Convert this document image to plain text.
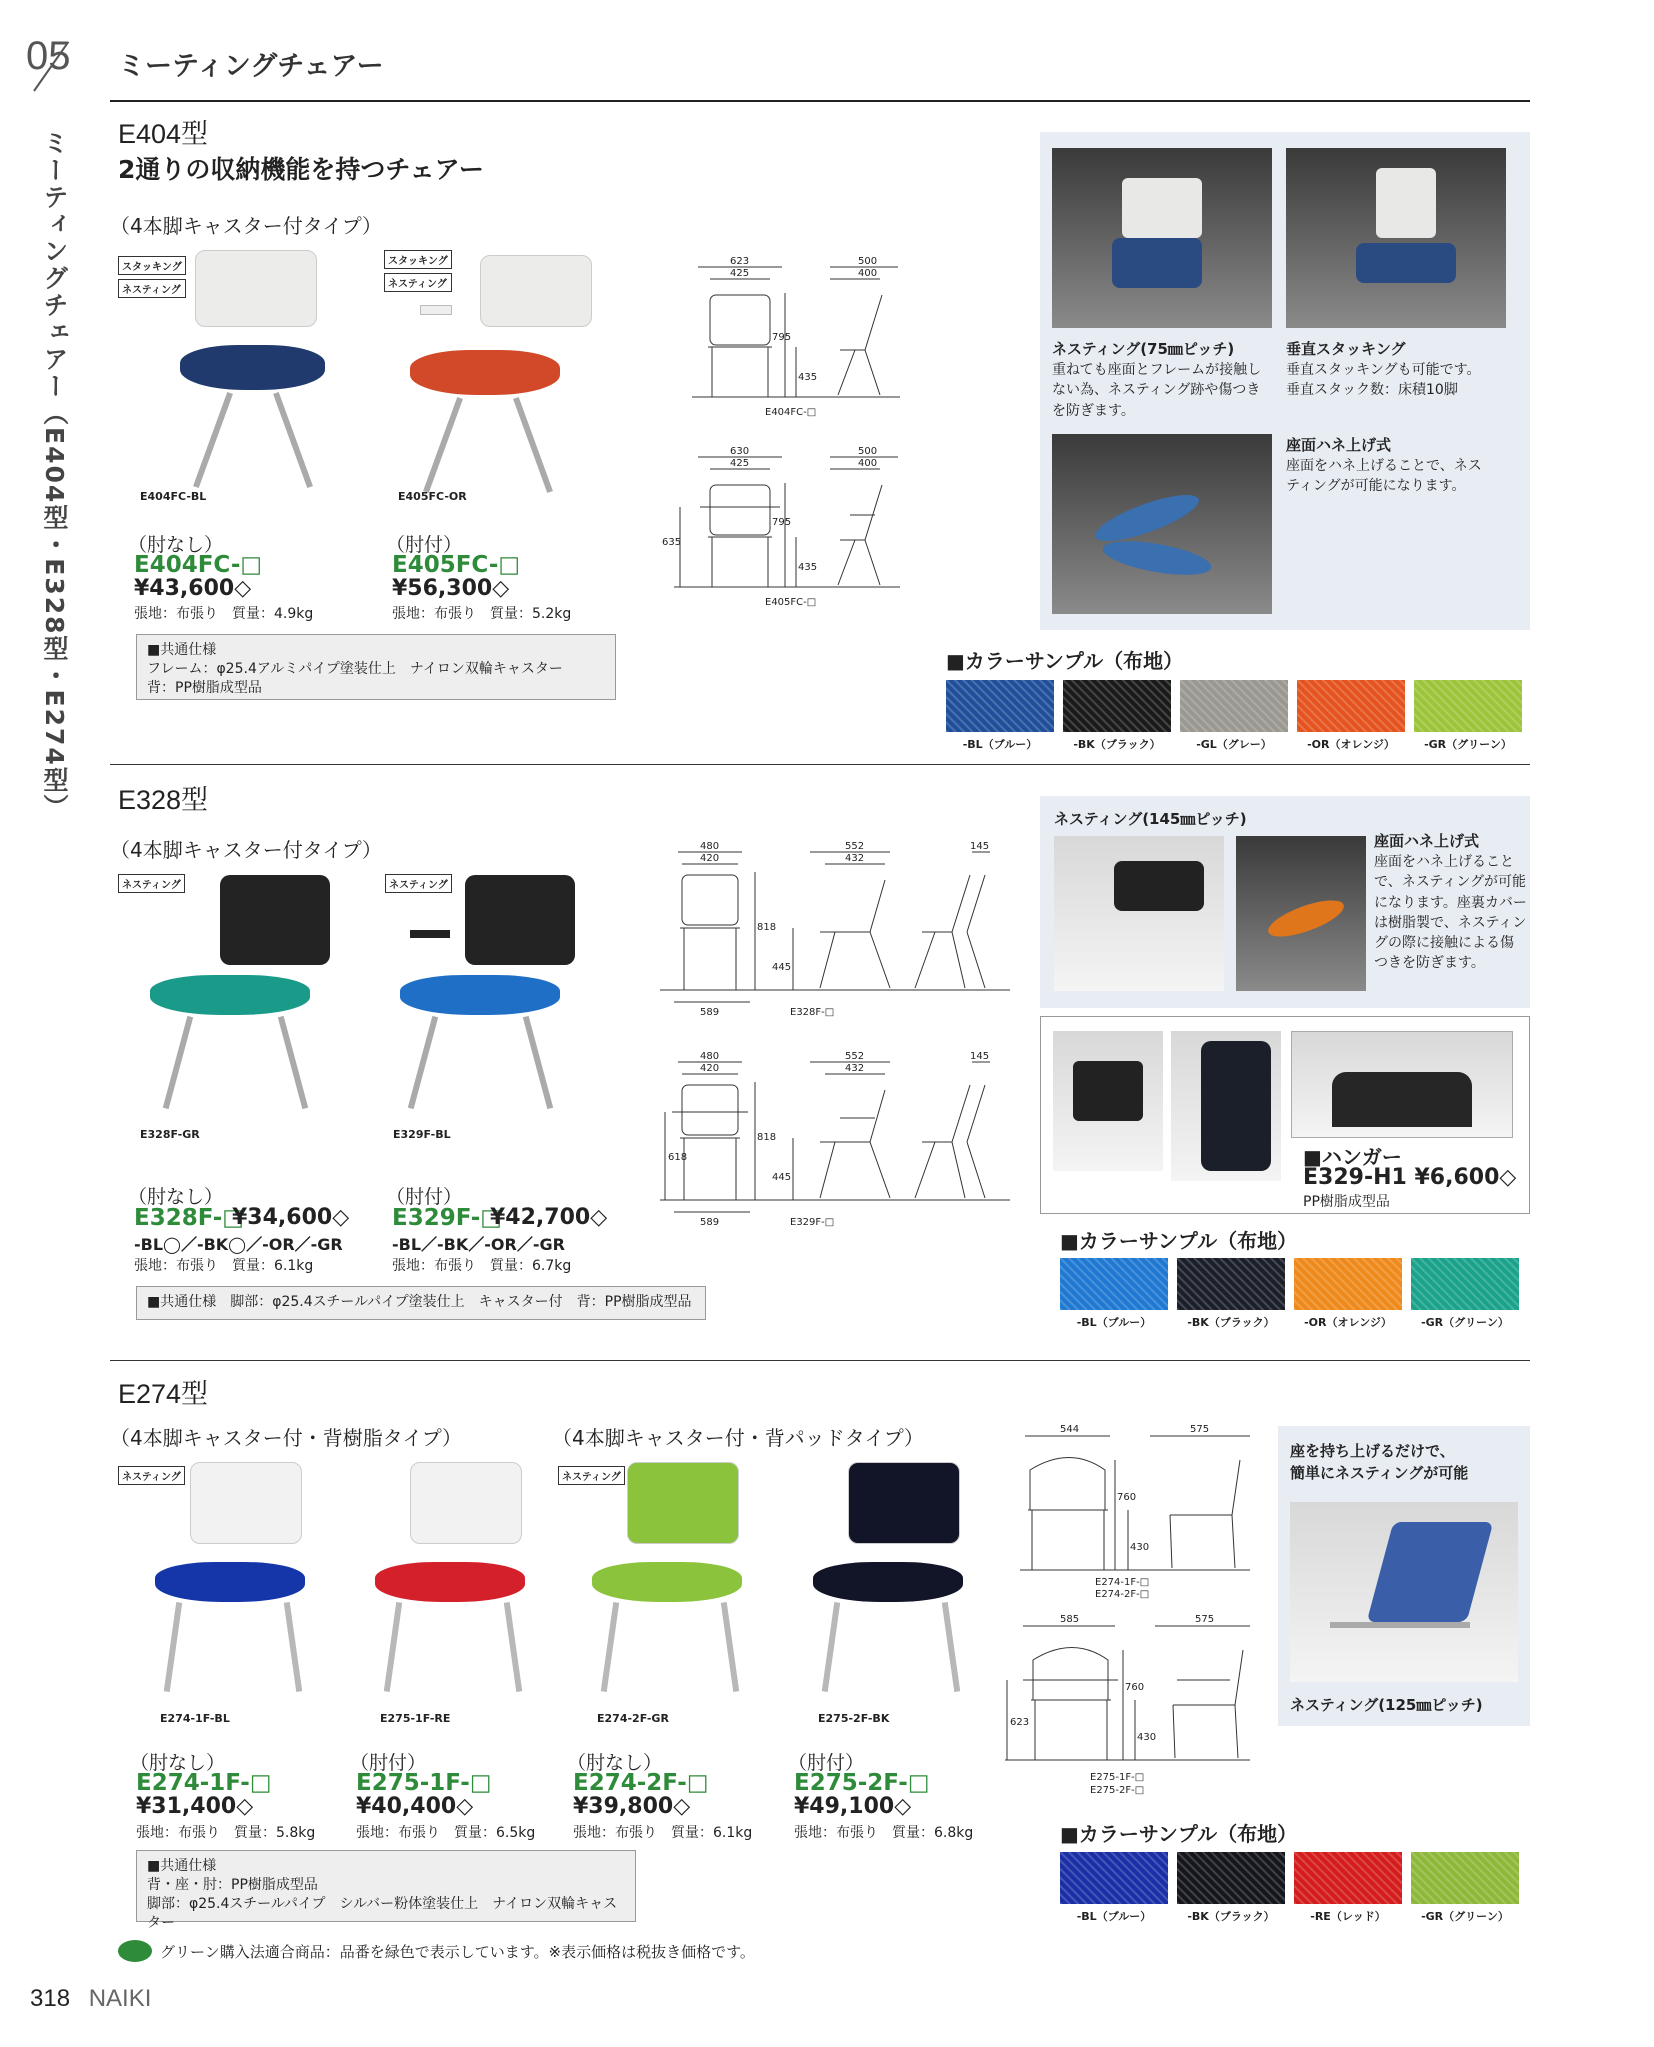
05
ミーティングチェアー（E404型・E328型・E274型）
ミーティングチェアー
E404型
2通りの収納機能を持つチェアー
（4本脚キャスター付タイプ）
スタッキング
ネスティング
E404FC-BL
スタッキング
ネスティング
E405FC-OR
（肘なし）
E404FC-□
¥43,600◇
張地：布張り　質量：4.9kg
（肘付）
E405FC-□
¥56,300◇
張地：布張り　質量：5.2kg
■共通仕様
フレーム：φ25.4アルミパイプ塗装仕上　ナイロン双輪キャスター
背：PP樹脂成型品
623
425
500
400
795
435
E404FC-□
630
425
500
400
795
435
635
E405FC-□
ネスティング(75㎜ピッチ)
重ねても座面とフレームが接触し
ない為、ネスティング跡や傷つき
を防ぎます。
垂直スタッキング
垂直スタッキングも可能です。
垂直スタック数：床積10脚
座面ハネ上げ式
座面をハネ上げることで、ネス
ティングが可能になります。
■カラーサンプル（布地）
-BL（ブルー）	-BK（ブラック）	-GL（グレー）	-OR（オレンジ）	-GR（グリーン）
E328型
（4本脚キャスター付タイプ）
ネスティング	ネスティング
E328F-GR	E329F-BL
（肘なし）
E328F-□
¥34,600◇
-BL◯／-BK◯／-OR／-GR
張地：布張り　質量：6.1kg
（肘付）
E329F-□
¥42,700◇
-BL／-BK／-OR／-GR
張地：布張り　質量：6.7kg
■共通仕様　脚部：φ25.4スチールパイプ塗装仕上　キャスター付　背：PP樹脂成型品
480
420
552
432
145
818
445
589	E328F-□
480
420
552
432
145
818
445
618
589	E329F-□
ネスティング(145㎜ピッチ)
座面ハネ上げ式
座面をハネ上げること
で、ネスティングが可能
になります。座裏カバー
は樹脂製で、ネスティン
グの際に接触による傷
つきを防ぎます。
■ハンガー
E329-H1 ¥6,600◇
PP樹脂成型品
■カラーサンプル（布地）
-BL（ブルー）	-BK（ブラック）	-OR（オレンジ）	-GR（グリーン）
E274型
（4本脚キャスター付・背樹脂タイプ）	（4本脚キャスター付・背パッドタイプ）
ネスティング	ネスティング
E274-1F-BL
（肘なし）
E274-1F-□
¥31,400◇
張地：布張り　質量：5.8kg
E275-1F-RE
（肘付）
E275-1F-□
¥40,400◇
張地：布張り　質量：6.5kg
E274-2F-GR
（肘なし）
E274-2F-□
¥39,800◇
張地：布張り　質量：6.1kg
E275-2F-BK
（肘付）
E275-2F-□
¥49,100◇
張地：布張り　質量：6.8kg
■共通仕様
背・座・肘：PP樹脂成型品
脚部：φ25.4スチールパイプ　シルバー粉体塗装仕上　ナイロン双輪キャスター
544	575
760
430
E274-1F-□
E274-2F-□
585	575
760
430
623
E275-1F-□
E275-2F-□
座を持ち上げるだけで、
簡単にネスティングが可能
ネスティング(125㎜ピッチ)
■カラーサンプル（布地）
-BL（ブルー）	-BK（ブラック）	-RE（レッド）	-GR（グリーン）
グリーン購入法適合商品：品番を緑色で表示しています。※表示価格は税抜き価格です。
318 NAIKI
